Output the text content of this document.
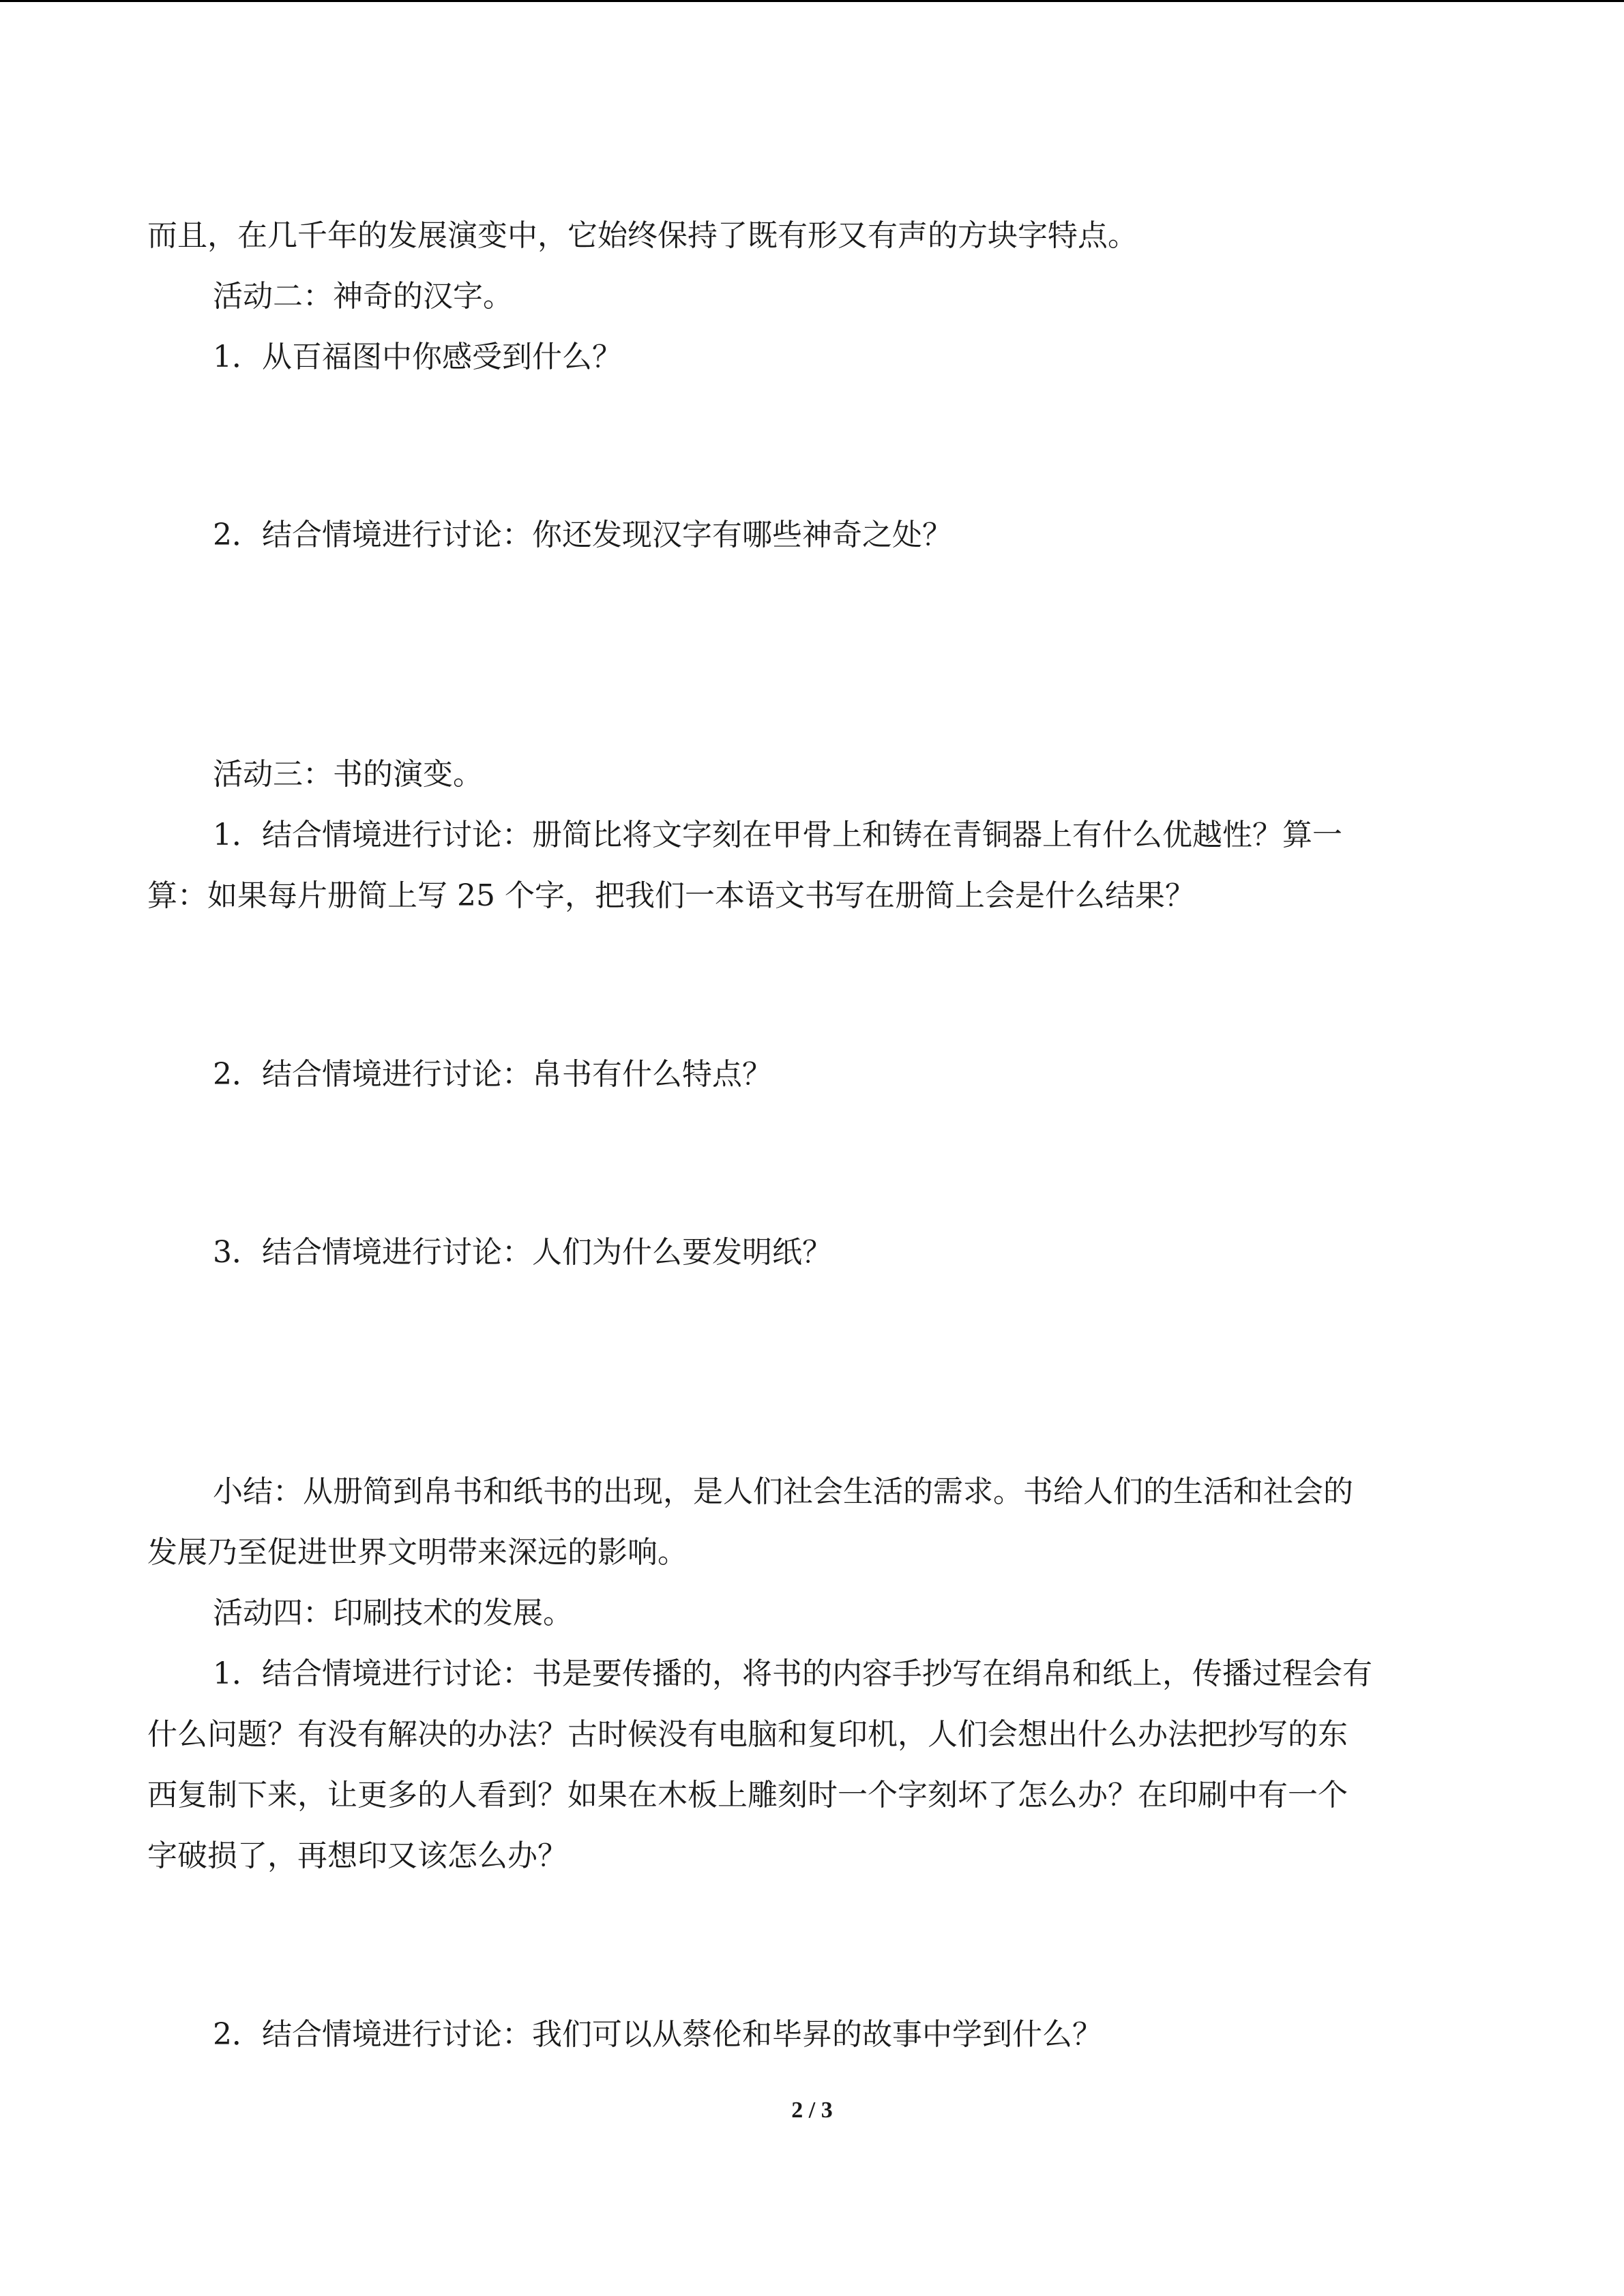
而且，在几千年的发展演变中，它始终保持了既有形又有声的方块字特点。
活动二：神奇的汉字。
1．从百福图中你感受到什么？
2．结合情境进行讨论：你还发现汉字有哪些神奇之处？
活动三：书的演变。
1．结合情境进行讨论：册简比将文字刻在甲骨上和铸在青铜器上有什么优越性？算一
算：如果每片册简上写 25 个字，把我们一本语文书写在册简上会是什么结果？
2．结合情境进行讨论：帛书有什么特点？
3．结合情境进行讨论：人们为什么要发明纸？
小结：从册简到帛书和纸书的出现，是人们社会生活的需求。书给人们的生活和社会的
发展乃至促进世界文明带来深远的影响。
活动四：印刷技术的发展。
1．结合情境进行讨论：书是要传播的，将书的内容手抄写在绢帛和纸上，传播过程会有
什么问题？有没有解决的办法？古时候没有电脑和复印机，人们会想出什么办法把抄写的东
西复制下来，让更多的人看到？如果在木板上雕刻时一个字刻坏了怎么办？在印刷中有一个
字破损了，再想印又该怎么办？
2．结合情境进行讨论：我们可以从蔡伦和毕昇的故事中学到什么？
2 / 3
